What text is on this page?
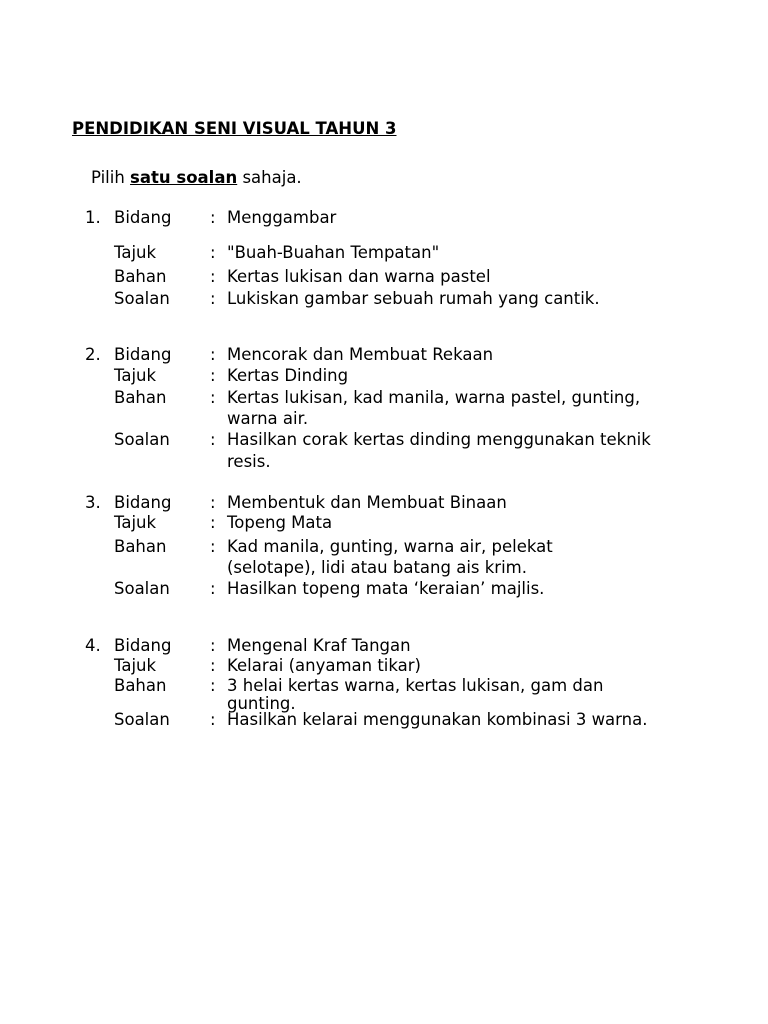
PENDIDIKAN SENI VISUAL TAHUN 3
Pilih satu soalan sahaja.
1. Bidang : Menggambar
Tajuk	: "Buah-Buahan Tempatan"
Bahan	: Kertas lukisan dan warna pastel
Soalan : Lukiskan gambar sebuah rumah yang cantik.
2. Bidang : Mencorak dan Membuat Rekaan
Tajuk	: Kertas Dinding
Bahan	: Kertas lukisan, kad manila, warna pastel, gunting,
warna air.
Soalan : Hasilkan corak kertas dinding menggunakan teknik
resis.
3. Bidang : Membentuk dan Membuat Binaan
Tajuk	: Topeng Mata
Bahan	: Kad manila, gunting, warna air, pelekat
(selotape), lidi atau batang ais krim.
Soalan : Hasilkan topeng mata ‘keraian’ majlis.
4. Bidang : Mengenal Kraf Tangan
Tajuk	: Kelarai (anyaman tikar)
Bahan	: 3 helai kertas warna, kertas lukisan, gam dan
gunting.
Soalan : Hasilkan kelarai menggunakan kombinasi 3 warna.
